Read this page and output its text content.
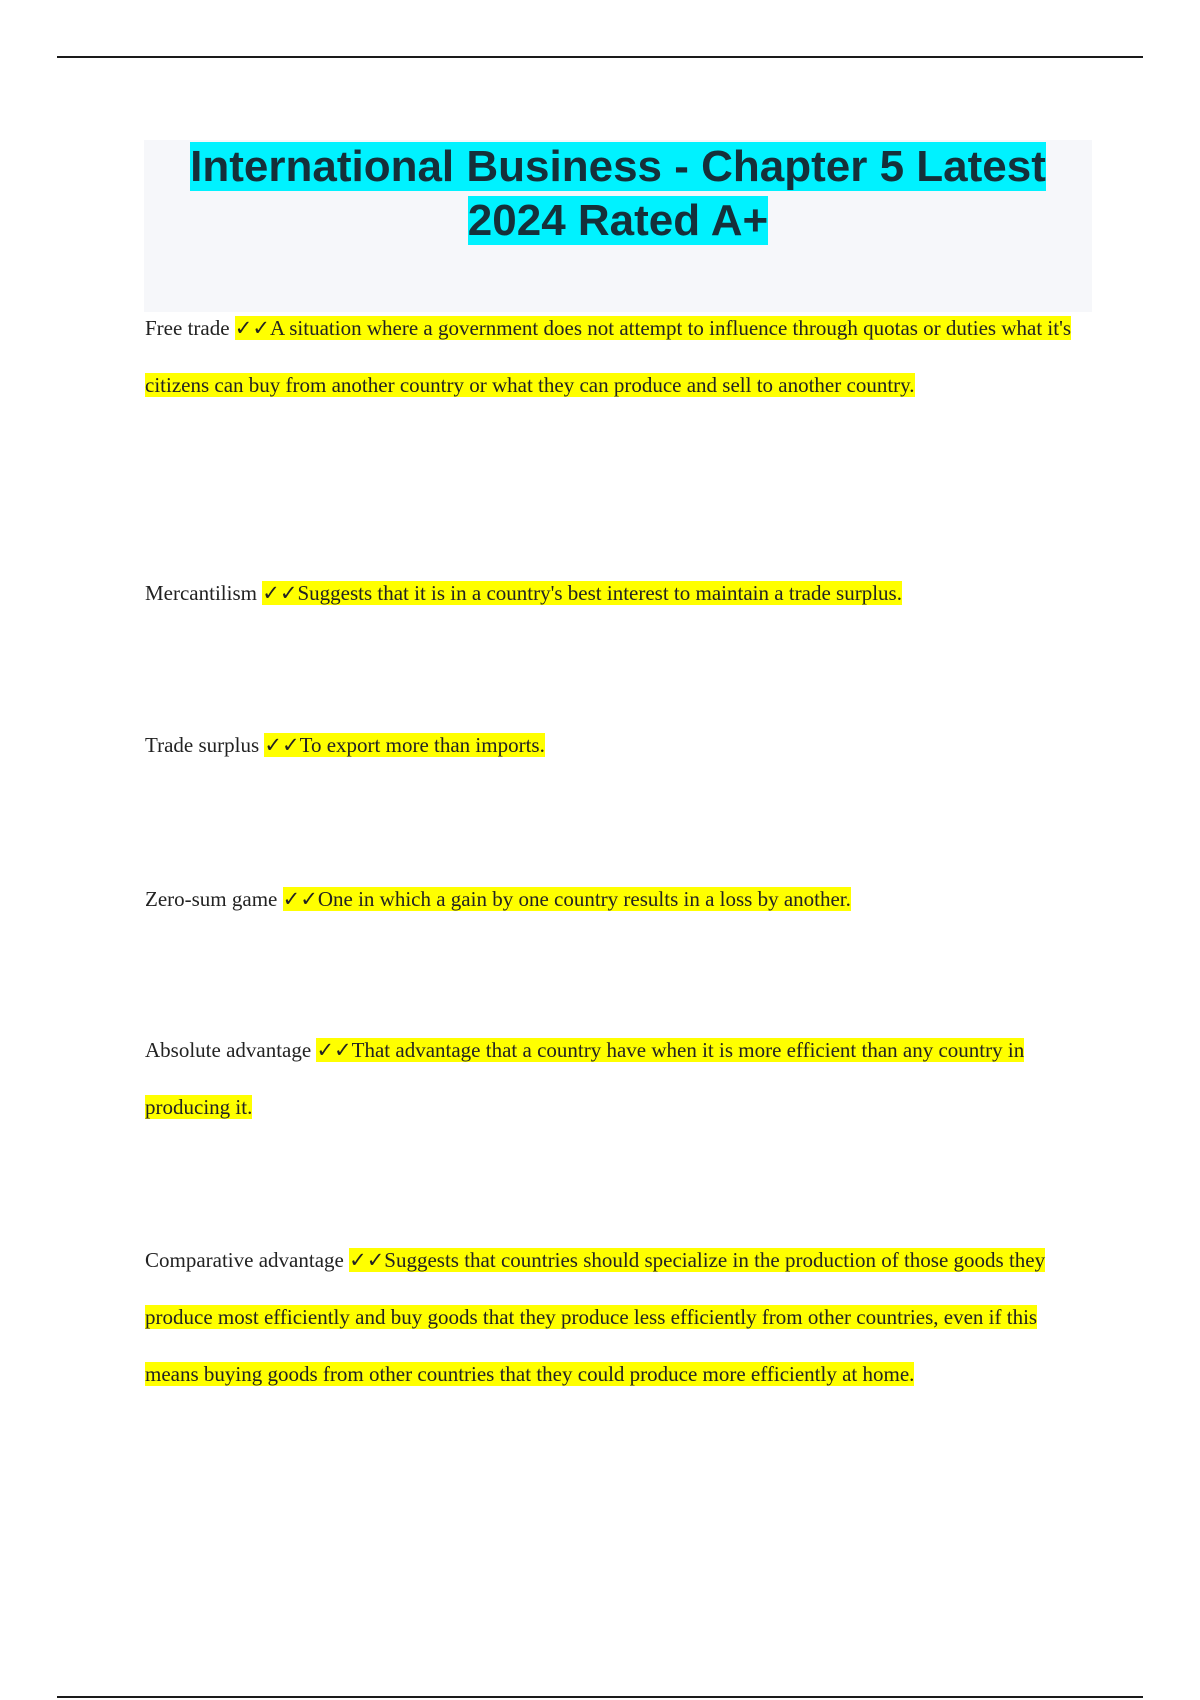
International Business - Chapter 5 Latest
2024 Rated A+

Free trade ✓✓A situation where a government does not attempt to influence through quotas or duties what it's citizens can buy from another country or what they can produce and sell to another country.

Mercantilism ✓✓Suggests that it is in a country's best interest to maintain a trade surplus.

Trade surplus ✓✓To export more than imports.

Zero-sum game ✓✓One in which a gain by one country results in a loss by another.

Absolute advantage ✓✓That advantage that a country have when it is more efficient than any country in producing it.

Comparative advantage ✓✓Suggests that countries should specialize in the production of those goods they produce most efficiently and buy goods that they produce less efficiently from other countries, even if this means buying goods from other countries that they could produce more efficiently at home.
